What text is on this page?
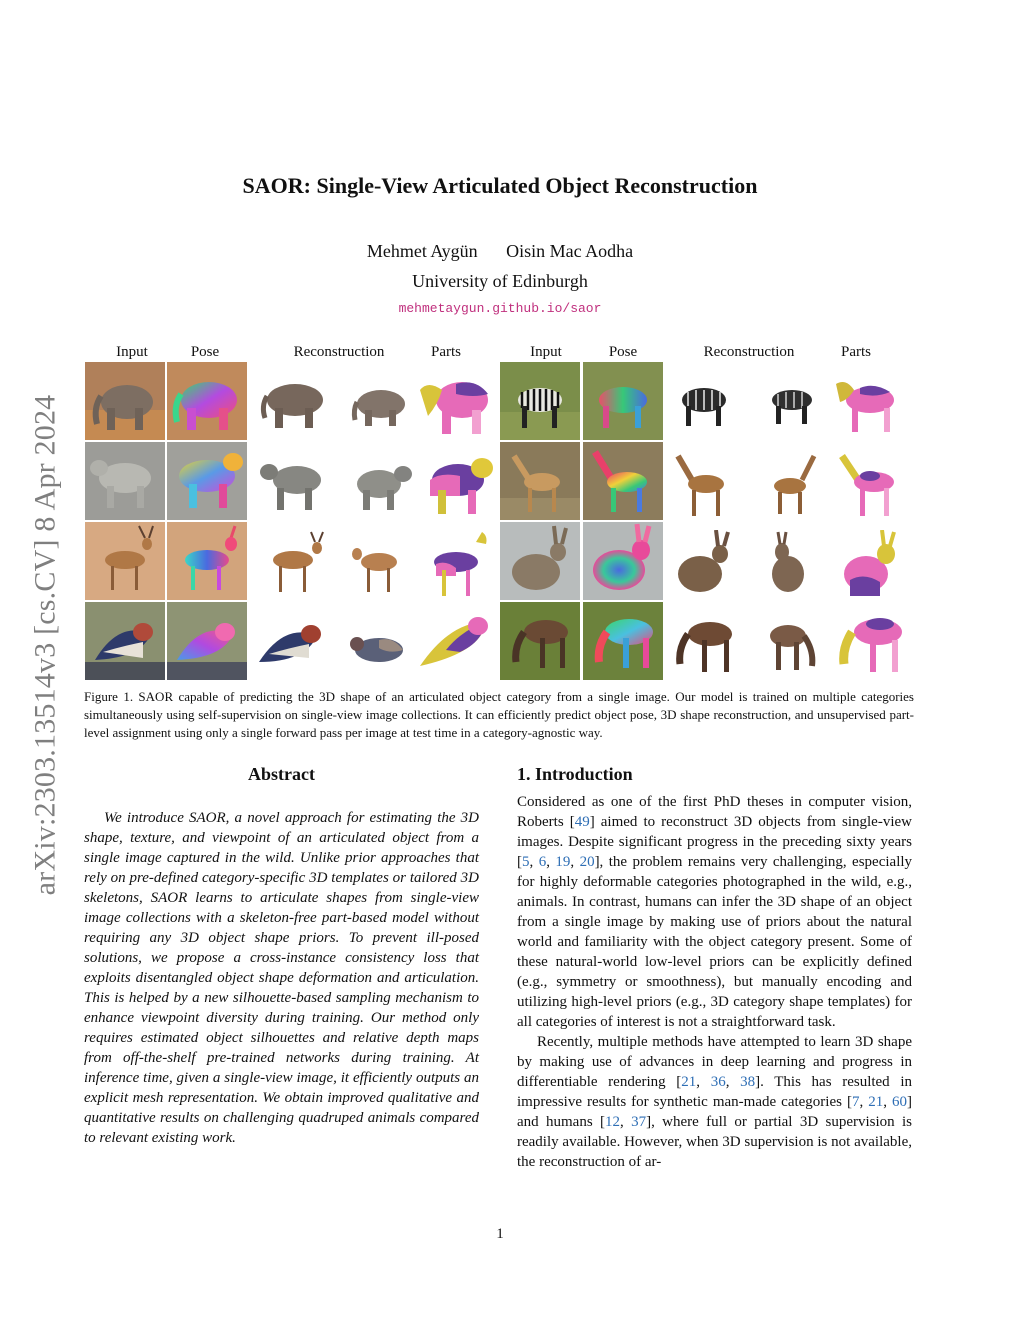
arXiv:2303.13514v3 [cs.CV] 8 Apr 2024
SAOR: Single-View Articulated Object Reconstruction
Mehmet Aygün Oisin Mac Aodha
University of Edinburgh
mehmetaygun.github.io/saor
Input	Pose	Reconstruction	Parts	Input	Pose	Reconstruction	Parts
Figure 1. SAOR capable of predicting the 3D shape of an articulated object category from a single image. Our model is trained on multiple categories simultaneously using self-supervision on single-view image collections. It can efficiently predict object pose, 3D shape reconstruction, and unsupervised part-level assignment using only a single forward pass per image at test time in a category-agnostic way.
Abstract
We introduce SAOR, a novel approach for estimating the 3D shape, texture, and viewpoint of an articulated object from a single image captured in the wild. Unlike prior approaches that rely on pre-defined category-specific 3D templates or tailored 3D skeletons, SAOR learns to articulate shapes from single-view image collections with a skeleton-free part-based model without requiring any 3D object shape priors. To prevent ill-posed solutions, we propose a cross-instance consistency loss that exploits disentangled object shape deformation and articulation. This is helped by a new silhouette-based sampling mechanism to enhance viewpoint diversity during training. Our method only requires estimated object silhouettes and relative depth maps from off-the-shelf pre-trained networks during training. At inference time, given a single-view image, it efficiently outputs an explicit mesh representation. We obtain improved qualitative and quantitative results on challenging quadruped animals compared to relevant existing work.
1. Introduction

Considered as one of the first PhD theses in computer vision, Roberts [49] aimed to reconstruct 3D objects from single-view images. Despite significant progress in the preceding sixty years [5, 6, 19, 20], the problem remains very challenging, especially for highly deformable categories photographed in the wild, e.g., animals. In contrast, humans can infer the 3D shape of an object from a single image by making use of priors about the natural world and familiarity with the object category present. Some of these natural-world low-level priors can be explicitly defined (e.g., symmetry or smoothness), but manually encoding and utilizing high-level priors (e.g., 3D category shape templates) for all categories of interest is not a straightforward task.

Recently, multiple methods have attempted to learn 3D shape by making use of advances in deep learning and progress in differentiable rendering [21, 36, 38]. This has resulted in impressive results for synthetic man-made categories [7, 21, 60] and humans [12, 37], where full or partial 3D supervision is readily available. However, when 3D supervision is not available, the reconstruction of ar-

1
